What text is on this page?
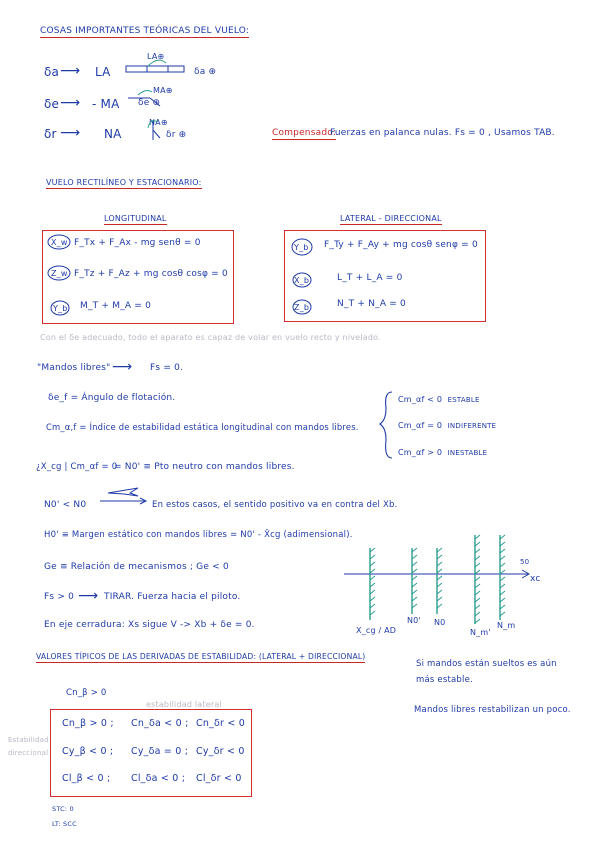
COSAS IMPORTANTES TEÓRICAS DEL VUELO:
δa ⟶ LA	δa ⊕
LA⊕
δe ⟶ - MA δe ⊕
MA⊕
δr ⟶ NA	δr ⊕
NA⊕
Compensado:
Fuerzas en palanca nulas. Fs = 0 , Usamos TAB.
VUELO RECTILÍNEO Y ESTACIONARIO:
LONGITUDINAL	LATERAL - DIRECCIONAL
X_w F_Tx + F_Ax - mg senθ = 0
Z_w F_Tz + F_Az + mg cosθ cosφ = 0
Y_b M_T + M_A = 0
Y_b F_Ty + F_Ay + mg cosθ senφ = 0
X_b	L_T + L_A = 0
Z_b	N_T + N_A = 0
Con el δe adecuado, todo el aparato es capaz de volar en vuelo recto y nivelado.
"Mandos libres" ⟶ Fs = 0.
δe_f = Ángulo de flotación.
Cm_α,f = Índice de estabilidad estática longitudinal con mandos libres.
Cm_αf < 0 ESTABLE
Cm_αf = 0 INDIFERENTE
Cm_αf > 0 INESTABLE
¿X_cg | Cm_αf = 0
= N0' ≡ Pto neutro con mandos libres.
N0' < N0	En estos casos, el sentido positivo va en contra del Xb.
H0' ≡ Margen estático con mandos libres = N0' - X̂cg (adimensional).
Ge ≡ Relación de mecanismos ; Ge < 0
Fs > 0 ⟶ TIRAR. Fuerza hacia el piloto.
En eje cerradura: Xs sigue V -> Xb + δe = 0.
xc
50
X_cg / AD
N0' N0
N_m'
N_m
VALORES TÍPICOS DE LAS DERIVADAS DE ESTABILIDAD: (LATERAL + DIRECCIONAL)
Cn_β > 0
estabilidad lateral
Estabilidad direccional
Cn_β > 0 ; Cn_δa < 0 ; Cn_δr < 0
Cy_β < 0 ; Cy_δa = 0 ; Cy_δr < 0
Cl_β < 0 ; Cl_δa < 0 ; Cl_δr < 0
STC: 0
LT: SCC
Si mandos están sueltos es aún más estable.
Mandos libres restabilizan un poco.
